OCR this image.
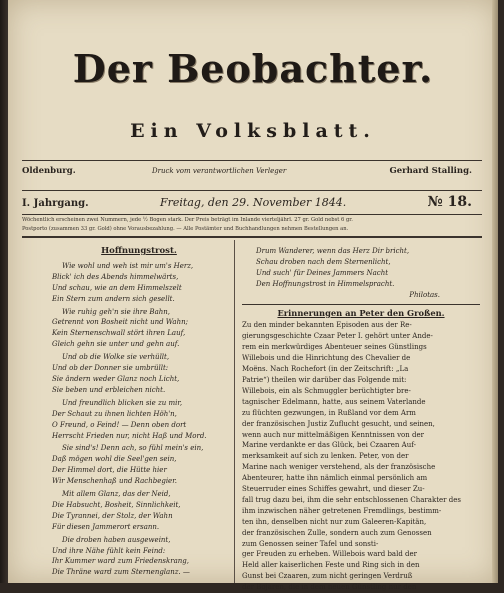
Der Beobachter.
Ein Volksblatt.
Oldenburg.	Druck vom verantwortlichen Verleger	Gerhard Stalling.
I. Jahrgang.	Freitag, den 29. November 1844.	№ 18.
Wöchentlich erscheinen zwei Nummern, jede ½ Bogen stark. Der Preis beträgt im Inlande vierteljährl. 27 gr. Gold nebst 6 gr.
Postporto (zusammen 33 gr. Gold) ohne Vorausbezahlung. — Alle Postämter und Buchhandlungen nehmen Bestellungen an.
Hoffnungstrost.
Wie wohl und weh ist mir um's Herz,
Blick' ich des Abends himmelwärts,
Und schau, wie an dem Himmelszelt
Ein Stern zum andern sich gesellt.
Wie ruhig geh'n sie ihre Bahn,
Getrennt von Bosheit nicht und Wahn;
Kein Sternenschwall stört ihren Lauf,
Gleich gehn sie unter und gehn auf.
Und ob die Wolke sie verhüllt,
Und ob der Donner sie umbrüllt:
Sie ändern weder Glanz noch Licht,
Sie beben und erbleichen nicht.
Und freundlich blicken sie zu mir,
Der Schaut zu ihnen lichten Höh'n,
O Freund, o Feind! — Denn oben dort
Herrscht Frieden nur, nicht Haß und Mord.
Sie sind's! Denn ach, so fühl mein's ein,
Daß mögen wohl die Seel'gen sein,
Der Himmel dort, die Hütte hier
Wir Menschenhaß und Rachbegier.
Mit allem Glanz, das der Neid,
Die Habsucht, Bosheit, Sinnlichkeit,
Die Tyrannei, der Stolz, der Wahn
Für diesen Jammerort ersann.
Die droben haben ausgeweint,
Und ihre Nähe fühlt kein Feind:
Ihr Kummer ward zum Friedenskrang,
Die Thräne ward zum Sternenglanz. —
Drum Wanderer, wenn das Herz Dir bricht,
Schau droben nach dem Sternenlicht,
Und such' für Deines Jammers Nacht
Den Hoffnungstrost in Himmelspracht.
Philotas.
Erinnerungen an Peter den Großen.
Zu den minder bekannten Episoden aus der Re-
gierungsgeschichte Czaar Peter I. gehört unter Ande-
rem ein merkwürdiges Abenteuer seines Günstlings
Willebois und die Hinrichtung des Chevalier de
Moëns. Nach Rochefort (in der Zeitschrift: „La
Patrie“) theilen wir darüber das Folgende mit:
Willebois, ein als Schmuggler berüchtigter bre-
tagnischer Edelmann, hatte, aus seinem Vaterlande
zu flüchten gezwungen, in Rußland vor dem Arm
der französischen Justiz Zuflucht gesucht, und seinen,
wenn auch nur mittelmäßigen Kenntnissen von der
Marine verdankte er das Glück, bei Czaaren Auf-
merksamkeit auf sich zu lenken. Peter, von der
Marine nach weniger verstehend, als der französische
Abenteurer, hatte ihn nämlich einmal persönlich am
Steuerruder eines Schiffes gewahrt, und dieser Zu-
fall trug dazu bei, ihm die sehr entschlossenen Charakter des
ihm inzwischen näher getretenen Fremdlings, bestimm-
ten ihn, denselben nicht nur zum Galeeren-Kapitän,
der französischen Zulle, sondern auch zum Genossen
zum Genossen seiner Tafel und sonsti-
ger Freuden zu erheben. Willebois ward bald der
Held aller kaiserlichen Feste und Ring sich in den
Gunst bei Czaaren, zum nicht geringen Verdruß
der Bojaren, die in dem neuen Günstling nur den
